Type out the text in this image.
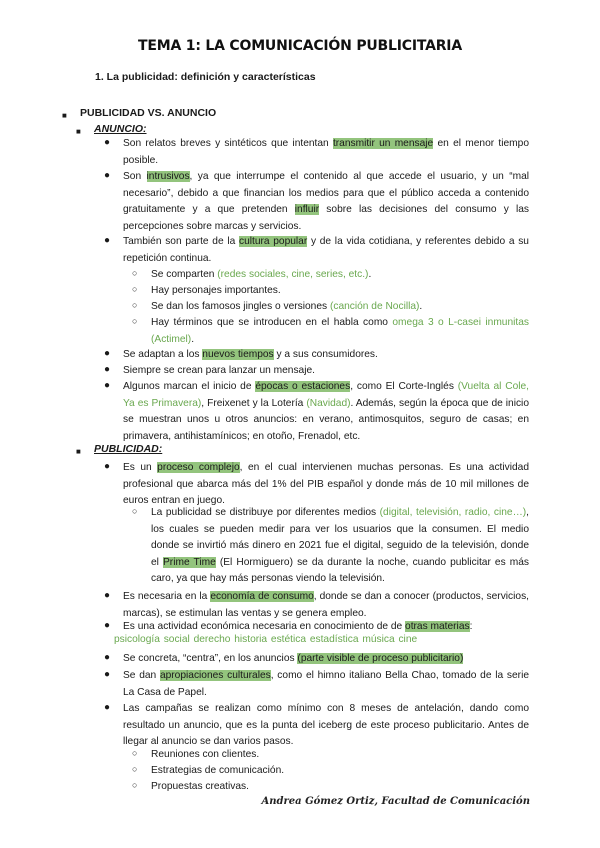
TEMA 1: LA COMUNICACIÓN PUBLICITARIA
1. La publicidad: definición y características
■ PUBLICIDAD VS. ANUNCIO
■ ANUNCIO:
● Son relatos breves y sintéticos que intentan transmitir un mensaje en el menor tiempo posible.
● Son intrusivos, ya que interrumpe el contenido al que accede el usuario, y un “mal necesario”, debido a que financian los medios para que el público acceda a contenido gratuitamente y a que pretenden influir sobre las decisiones del consumo y las percepciones sobre marcas y servicios.
● También son parte de la cultura popular y de la vida cotidiana, y referentes debido a su repetición continua.
○ Se comparten (redes sociales, cine, series, etc.).
○ Hay personajes importantes.
○ Se dan los famosos jingles o versiones (canción de Nocilla).
○ Hay términos que se introducen en el habla como omega 3 o L-casei inmunitas (Actimel).
● Se adaptan a los nuevos tiempos y a sus consumidores.
● Siempre se crean para lanzar un mensaje.
● Algunos marcan el inicio de épocas o estaciones, como El Corte-Inglés (Vuelta al Cole, Ya es Primavera), Freixenet y la Lotería (Navidad). Además, según la época que de inicio se muestran unos u otros anuncios: en verano, antimosquitos, seguro de casas; en primavera, antihistamínicos; en otoño, Frenadol, etc.
■ PUBLICIDAD:
● Es un proceso complejo, en el cual intervienen muchas personas. Es una actividad profesional que abarca más del 1% del PIB español y donde más de 10 mil millones de euros entran en juego.
○ La publicidad se distribuye por diferentes medios (digital, televisión, radio, cine…), los cuales se pueden medir para ver los usuarios que la consumen. El medio donde se invirtió más dinero en 2021 fue el digital, seguido de la televisión, donde el Prime Time (El Hormiguero) se da durante la noche, cuando publicitar es más caro, ya que hay más personas viendo la televisión.
● Es necesaria en la economía de consumo, donde se dan a conocer (productos, servicios, marcas), se estimulan las ventas y se genera empleo.
● Es una actividad económica necesaria en conocimiento de de otras materias:
psicología social derecho historia estética estadística música cine
● Se concreta, “centra”, en los anuncios (parte visible de proceso publicitario)
● Se dan apropiaciones culturales, como el himno italiano Bella Chao, tomado de la serie La Casa de Papel.
● Las campañas se realizan como mínimo con 8 meses de antelación, dando como resultado un anuncio, que es la punta del iceberg de este proceso publicitario. Antes de llegar al anuncio se dan varios pasos.
○ Reuniones con clientes.
○ Estrategias de comunicación.
○ Propuestas creativas.
Andrea Gómez Ortiz, Facultad de Comunicación
